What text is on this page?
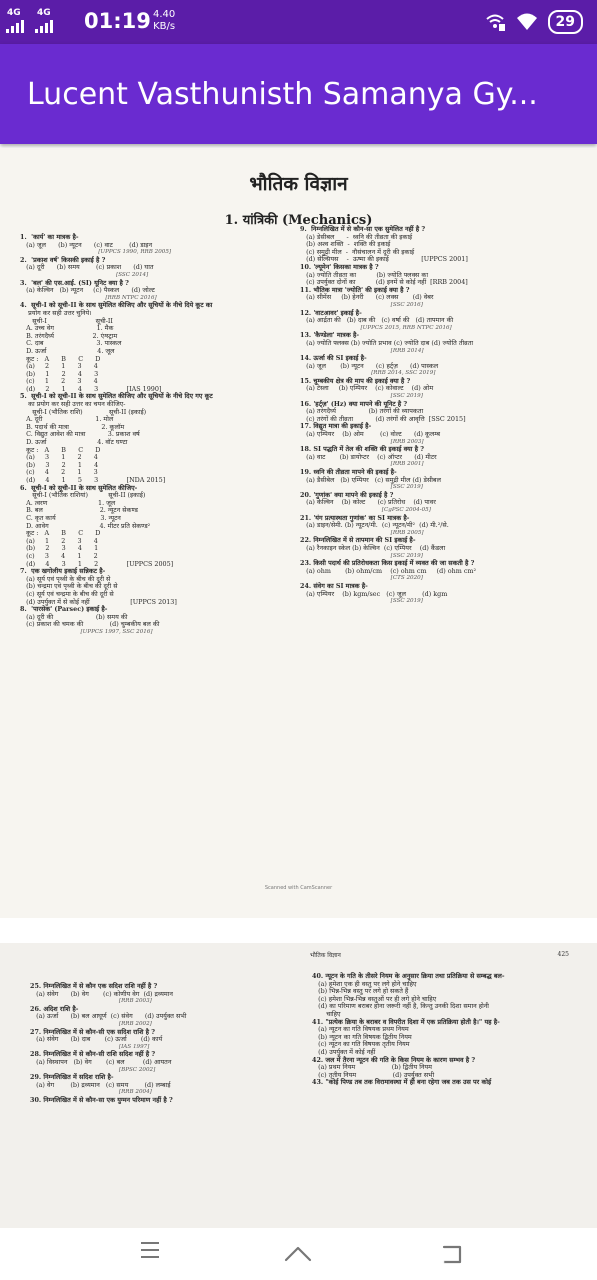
4G 4G 01:19 4.40
KB/s	29
Lucent Vasthunisth Samanya Gy...
भौतिक विज्ञान
1. यांत्रिकी (Mechanics)
1.  'कार्य' का मात्रक है-
(a) जूल      (b) न्यूटन      (c) वाट        (d) डाइन
[UPPCS 1990, RRB 2005]
2.  'प्रकाश वर्ष' किसकी इकाई है ?
(a) दूरी      (b) समय        (c) प्रकाश      (d) घात
[SSC 2014]
3.  'बल' की एस.आई. (SI) यूनिट क्या है ?
(a) केल्विन   (b) न्यूटन     (c) पैस्कल      (d) जोल्ट
[RRB NTPC 2016]
4.  सूची-I को सूची-II के साथ सुमेलित कीजिए और सूचियों के नीचे दिये कूट का
प्रयोग कर सही उत्तर चुनिये।
सूची-I                        सूची-II
A. उच्च वेग                     1. मैक
B. तरंगदैर्घ्य                   2. एंग्स्ट्राम
C. दाब                          3. पास्कल
D. ऊर्जा                         4. जूल
कूट :   A      B      C      D
(a)     2      1      3      4
(b)     1      2      4      3
(c)     1      2      3      4
(d)     2      1      4      3              [IAS 1990]
5.  सूची-I को सूची-II के साथ सुमेलित कीजिए और सूचियों के नीचे दिए गए कूट
का प्रयोग कर सही उत्तर का चयन कीजिए-
सूची-I (भौतिक राशि)             सूची-II (इकाई)
A. दूरी                          1. मोल
B. पदार्थ की मात्रा                2. कूलॉम
C. विद्युत आवेश की मात्रा           3. प्रकाश वर्ष
D. ऊर्जा                         4. वॉट घण्टा
कूट :   A      B      C      D
(a)     3      1      2      4
(b)     3      2      1      4
(c)     4      2      1      3
(d)     4      1      5      3              [NDA 2015]
6.  सूची-I को सूची-II के साथ सुमेलित कीजिए-
सूची-I (भौतिक राशियां)          सूची-II (इकाई)
A. त्वरण                         1. जूल
B. बल                            2. न्यूटन सेकण्ड
C. कृत कार्य                      3. न्यूटन
D. आवेग                         4. मीटर प्रति सेकण्ड²
कूट :   A      B      C      D
(a)     1      2      3      4
(b)     2      3      4      1
(c)     3      4      1      2
(d)     4      3      1      2              [UPPCS 2005]
7.  एक खगोलीय इकाई सन्निकट है-
(a) सूर्य एवं पृथ्वी के बीच की दूरी से
(b) चन्द्रमा एवं पृथ्वी के बीच की दूरी से
(c) सूर्य एवं चन्द्रमा के बीच की दूरी से
(d) उपर्युक्त में से कोई नहीं                    [UPPCS 2013]
8.  'पारसेक' (Parsec) इकाई है-
(a) दूरी की                     (b) समय की
(c) प्रकाश की चमक की             (d) चुम्बकीय बल की
[UPPCS 1997, SSC 2016]
9.  निम्नलिखित में से कौन-सा एक सुमेलित नहीं है ?
(a) डेसीबल      -  ध्वनि की तीव्रता की इकाई
(b) अश्व शक्ति  -  शक्ति की इकाई
(c) समुद्री मील  -  नौसंचालन में दूरी की इकाई
(d) सेल्सियस    -  ऊष्मा की इकाई                [UPPCS 2001]
10. 'ल्यूमेन' किसका मात्रक है ?
(a) ज्योति तीव्रता का          (b) ज्योति फ्लक्स का
(c) उपर्युक्त दोनों का          (d) इनमें से कोई नहीं  [RRB 2004]
11. भौतिक मात्रा 'ज्योति' की इकाई क्या है ?
(a) सीमेंस     (b) हेनरी      (c) लक्स       (d) वेबर
[SSC 2016]
12. 'वाटआवर' इकाई है-
(a) आर्द्रता की   (b) दाब की   (c) वर्षा की   (d) तापमान की
[UPPCS 2015, RRB NTPC 2016]
13. 'कैण्डेला' मात्रक है-
(a) ज्योति फ्लक्स (b) ज्योति प्रभाव (c) ज्योति दाब (d) ज्योति तीव्रता
[RRB 2014]
14. ऊर्जा की SI इकाई है-
(a) जूल       (b) न्यूटन      (c) हर्ट्ज़      (d) पास्कल
[RRB 2014, SSC 2019]
15. चुम्बकीय क्षेत्र की माप की इकाई क्या है ?
(a) टेस्ला     (b) एम्पियर    (c) कोवाल्ट    (d) ओम
[SSC 2019]
16. 'हर्ट्ज़' (Hz) क्या मापने की यूनिट है ?
(a) तरंगदैर्घ्य                (b) तरंगों की व्यापकता
(c) तरंगों की तीव्रता           (d) तरंगों की आवृत्ति  [SSC 2015]
17. विद्युत मात्रा की इकाई है-
(a) एम्पियर    (b) ओम        (c) वोल्ट      (d) कूलम्ब
[RRB 2003]
18. SI पद्धति में तेल की शक्ति की इकाई क्या है ?
(a) वाट       (b) डायोप्टर    (c) ऑप्टर      (d) मीटर
[RRB 2001]
19. ध्वनि की तीव्रता मापने की इकाई है-
(a) डैसीबेल   (b) एम्पियर   (c) समुद्री मील (d) डेसीबल
[SSC 2019]
20. 'गुणांक' क्या मापने की इकाई है ?
(a) केल्विन    (b) कोल्ट      (c) प्रतिरोध    (d) पावर
[CgPSC 2004-05]
21. 'यंग प्रत्यास्थता गुणांक' का SI मात्रक है-
(a) डाइन/सेमी. (b) न्यूटन/मी.  (c) न्यूटन/मी²  (d) मी.²/से.
[RRB 2005]
22. निम्नलिखित में से तापमान की SI इकाई है-
(a) रैनकाइन स्केल (b) केल्विन  (c) एम्पियर    (d) कैंडला
[SSC 2019]
23. किसी पदार्थ की प्रतिरोधकता किस इकाई में व्यक्त की जा सकती है ?
(a) ohm       (b) ohm/cm    (c) ohm cm     (d) ohm cm²
[CTS 2020]
24. संवेग का SI मात्रक है-
(a) एम्पियर    (b) kgm/sec   (c) जूल        (d) kgm
[SSC 2019]
Scanned with CamScanner
भौतिक विज्ञान	425
25. निम्नलिखित में से कौन एक सदिश राशि नहीं है ?
(a) संवेग      (b) वेग       (c) कोणीय वेग  (d) द्रव्यमान
[RRB 2003]
26. अदिश राशि है-
(a) ऊर्जा      (b) बल आघूर्ण  (c) संवेग      (d) उपर्युक्त सभी
[RRB 2002]
27. निम्नलिखित में से कौन-सी एक सदिश राशि है ?
(a) संवेग      (b) दाब       (c) ऊर्जा       (d) कार्य
[IAS 1997]
28. निम्नलिखित में से कौन-सी राशि सदिश नहीं है ?
(a) विस्थापन   (b) वेग       (c) बल         (d) आयतन
[BPSC 2002]
29. निम्नलिखित में सदिश राशि है-
(a) वेग        (b) द्रव्यमान   (c) समय        (d) लम्बाई
[RRB 2004]
30. निम्नलिखित में से कौन-सा एक युग्मन परिमाण नहीं है ?
40. न्यूटन के गति के तीसरे नियम के अनुसार क्रिया तथा प्रतिक्रिया से सम्बद्ध बल-
(a) हमेशा एक ही वस्तु पर लगे होने चाहिए
(b) भिन्न-भिन्न वस्तु पर लगे हो सकते हैं
(c) हमेशा भिन्न-भिन्न वस्तुओं पर ही लगे होने चाहिए
(d) का परिमाण बराबर होना जरूरी नहीं है, किन्तु उनकी दिशा समान होनी
चाहिए
41. "प्रत्येक क्रिया के बराबर व विपरीत दिशा में एक प्रतिक्रिया होती है।" यह है-
(a) न्यूटन का गति विषयक प्रथम नियम
(b) न्यूटन का गति विषयक द्वितीय नियम
(c) न्यूटन का गति विषयक तृतीय नियम
(d) उपर्युक्त में कोई नहीं
42. जल में तैरना न्यूटन की गति के किस नियम के कारण सम्भव है ?
(a) प्रथम नियम                  (b) द्वितीय नियम
(c) तृतीय नियम                  (d) उपर्युक्त सभी
43. "कोई पिण्ड तब तक विरामावस्था में ही बना रहेगा जब तक उस पर कोई
